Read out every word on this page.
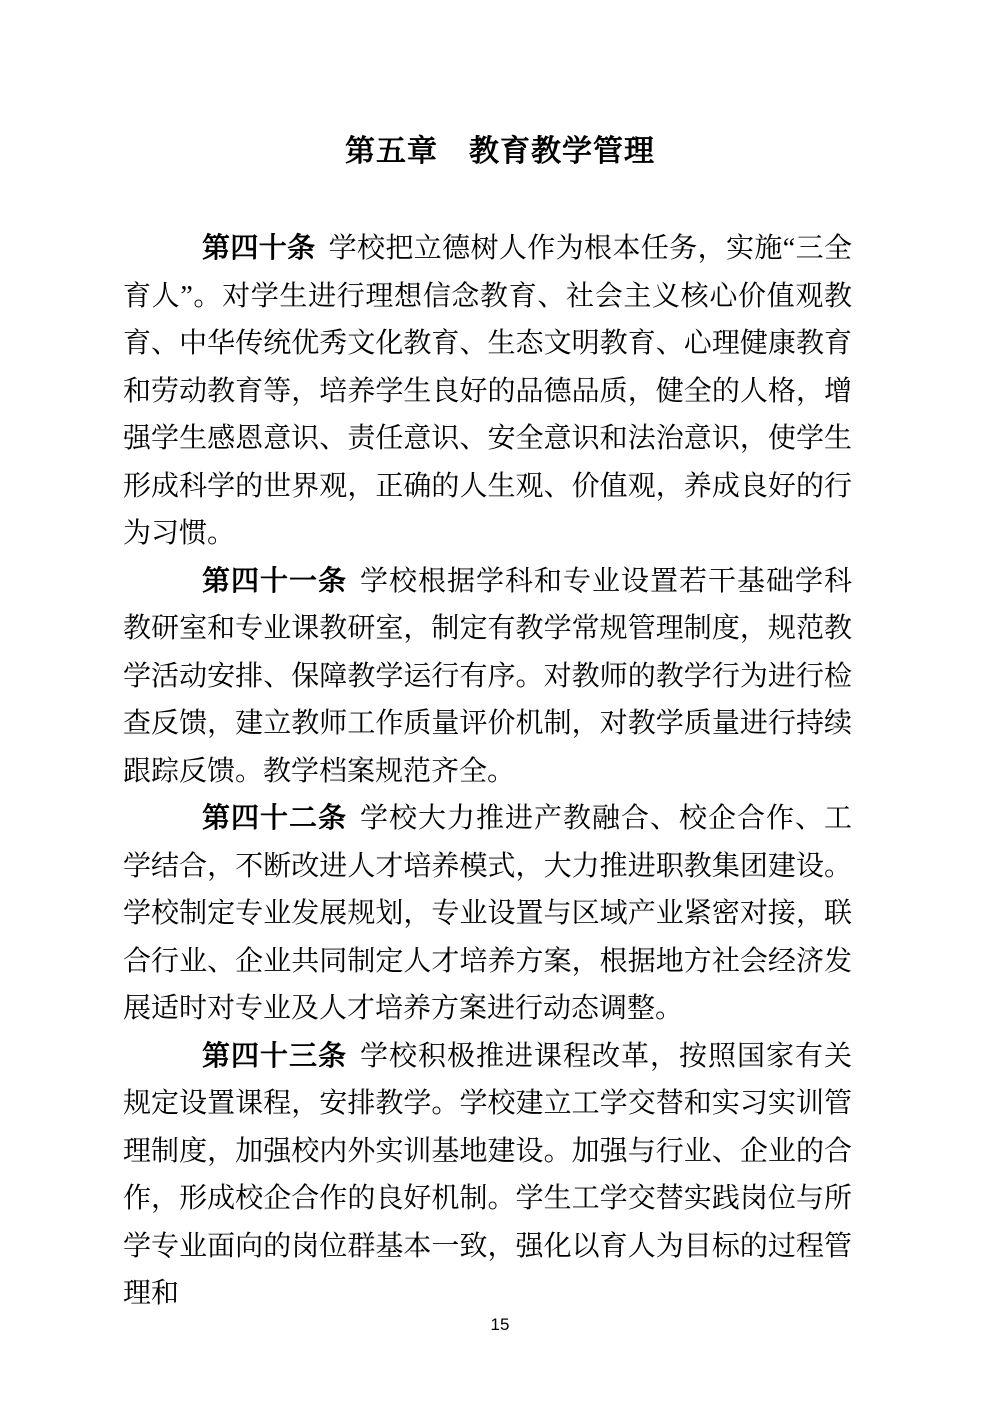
第五章　教育教学管理

第四十条 学校把立德树人作为根本任务，实施“三全育人”。对学生进行理想信念教育、社会主义核心价值观教育、中华传统优秀文化教育、生态文明教育、心理健康教育和劳动教育等，培养学生良好的品德品质，健全的人格，增强学生感恩意识、责任意识、安全意识和法治意识，使学生形成科学的世界观，正确的人生观、价值观，养成良好的行为习惯。

第四十一条 学校根据学科和专业设置若干基础学科教研室和专业课教研室，制定有教学常规管理制度，规范教学活动安排、保障教学运行有序。对教师的教学行为进行检查反馈，建立教师工作质量评价机制，对教学质量进行持续跟踪反馈。教学档案规范齐全。

第四十二条 学校大力推进产教融合、校企合作、工学结合，不断改进人才培养模式，大力推进职教集团建设。学校制定专业发展规划，专业设置与区域产业紧密对接，联合行业、企业共同制定人才培养方案，根据地方社会经济发展适时对专业及人才培养方案进行动态调整。

第四十三条 学校积极推进课程改革，按照国家有关规定设置课程，安排教学。学校建立工学交替和实习实训管理制度，加强校内外实训基地建设。加强与行业、企业的合作，形成校企合作的良好机制。学生工学交替实践岗位与所学专业面向的岗位群基本一致，强化以育人为目标的过程管理和

15
